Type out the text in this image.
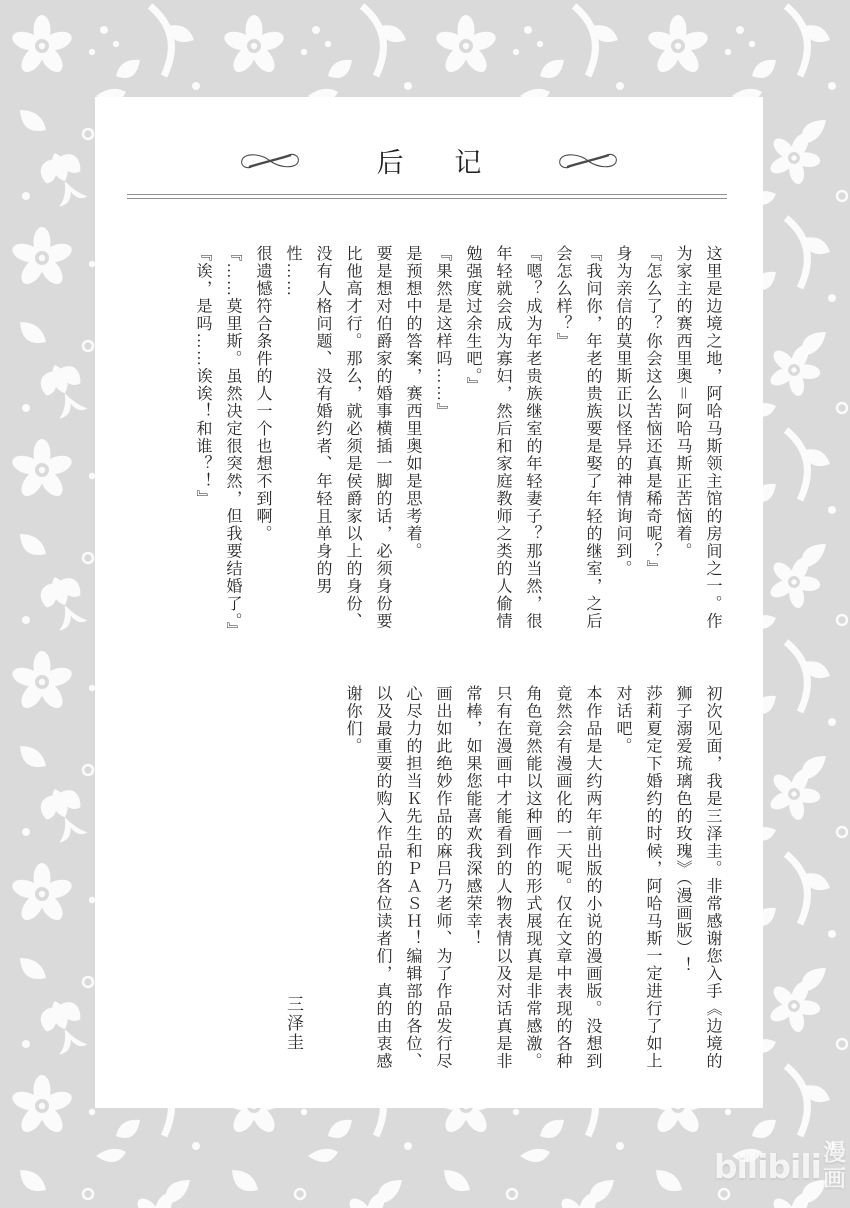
后 记

这里是边境之地，阿哈马斯领主馆的房间之一。作为家主的赛西里奥＝阿哈马斯正苦恼着。

『怎么了？你会这么苦恼还真是稀奇呢？』

身为亲信的莫里斯正以怪异的神情询问到。

『我问你，年老的贵族要是娶了年轻的继室，之后会怎么样？』

『嗯？成为年老贵族继室的年轻妻子？那当然，很年轻就会成为寡妇，然后和家庭教师之类的人偷情勉强度过余生吧。』

『果然是这样吗……』

是预想中的答案，赛西里奥如是思考着。

要是想对伯爵家的婚事横插一脚的话，必须身份要比他高才行。那么，就必须是侯爵家以上的身份、没有人格问题、没有婚约者、年轻且单身的男性……

很遗憾符合条件的人一个也想不到啊。

『……莫里斯。虽然决定很突然，但我要结婚了。』

『诶，是吗……诶诶！和谁？！』

初次见面，我是三泽圭。非常感谢您入手《边境的狮子溺爱琉璃色的玫瑰》（漫画版）！

莎莉夏定下婚约的时候，阿哈马斯一定进行了如上对话吧。

本作品是大约两年前出版的小说的漫画版。没想到竟然会有漫画化的一天呢。仅在文章中表现的各种角色竟然能以这种画作的形式展现真是非常感激。只有在漫画中才能看到的人物表情以及对话真是非常棒，如果您能喜欢我深感荣幸！

画出如此绝妙作品的麻吕乃老师、为了作品发行尽心尽力的担当Ｋ先生和ＰＡＳＨ！编辑部的各位、以及最重要的购入作品的各位读者们，真的由衷感谢你们。

三泽圭
bilibili 漫
画
